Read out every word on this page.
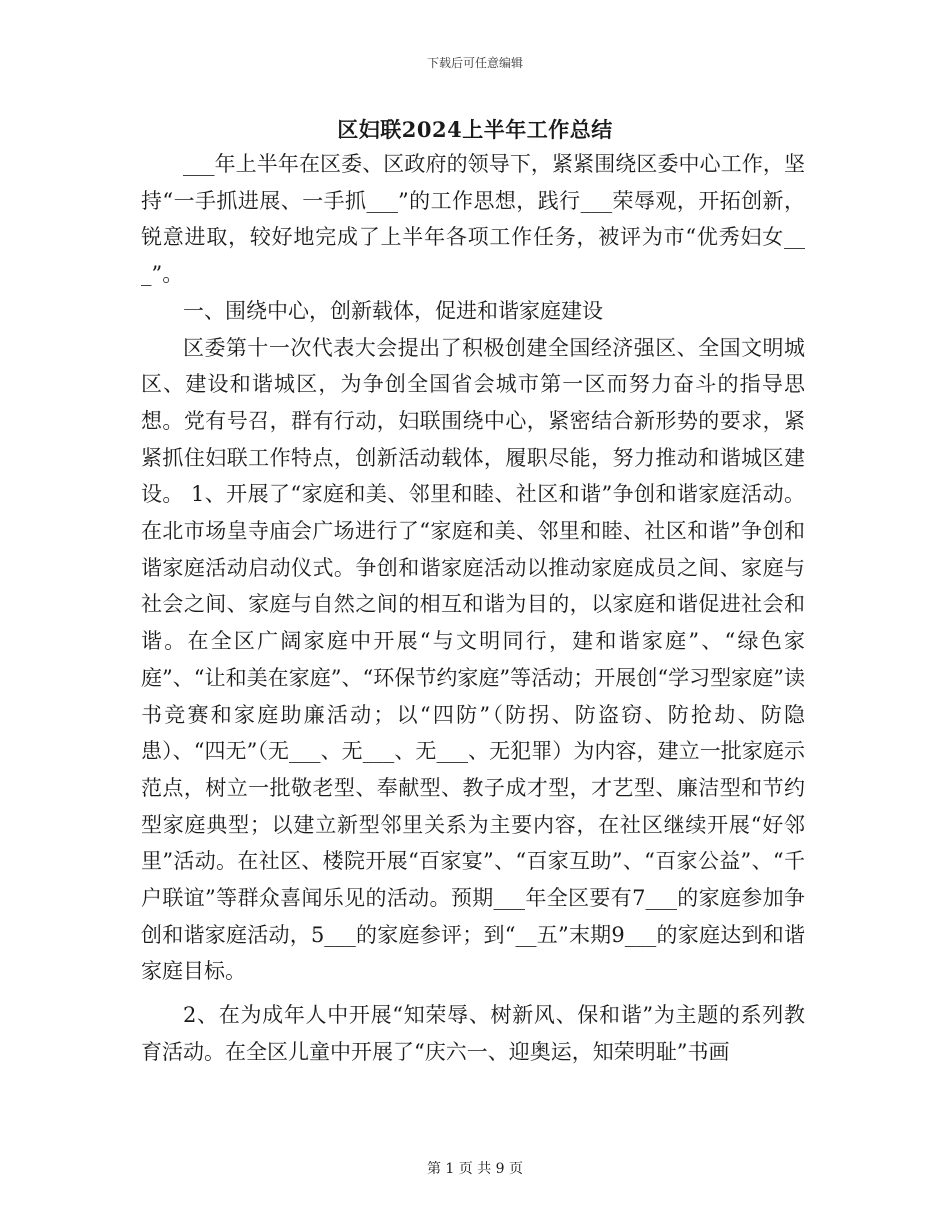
下载后可任意编辑
区妇联2024上半年工作总结

___年上半年在区委、区政府的领导下，紧紧围绕区委中心工作，坚持“一手抓进展、一手抓___”的工作思想，践行___荣辱观，开拓创新，锐意进取，较好地完成了上半年各项工作任务，被评为市“优秀妇女___”。

一、围绕中心，创新载体，促进和谐家庭建设

区委第十一次代表大会提出了积极创建全国经济强区、全国文明城区、建设和谐城区，为争创全国省会城市第一区而努力奋斗的指导思想。党有号召，群有行动，妇联围绕中心，紧密结合新形势的要求，紧紧抓住妇联工作特点，创新活动载体，履职尽能，努力推动和谐城区建设。 1、开展了“家庭和美、邻里和睦、社区和谐”争创和谐家庭活动。在北市场皇寺庙会广场进行了“家庭和美、邻里和睦、社区和谐”争创和谐家庭活动启动仪式。争创和谐家庭活动以推动家庭成员之间、家庭与社会之间、家庭与自然之间的相互和谐为目的，以家庭和谐促进社会和谐。在全区广阔家庭中开展“与文明同行，建和谐家庭”、“绿色家庭”、“让和美在家庭”、“环保节约家庭”等活动；开展创“学习型家庭”读书竞赛和家庭助廉活动；以“四防”（防拐、防盗窃、防抢劫、防隐患）、“四无”（无___、无___、无___、无犯罪）为内容，建立一批家庭示范点，树立一批敬老型、奉献型、教子成才型，才艺型、廉洁型和节约型家庭典型；以建立新型邻里关系为主要内容，在社区继续开展“好邻里”活动。在社区、楼院开展“百家宴”、“百家互助”、“百家公益”、“千户联谊”等群众喜闻乐见的活动。预期___年全区要有7___的家庭参加争创和谐家庭活动，5___的家庭参评；到“__五”末期9___的家庭达到和谐家庭目标。

2、在为成年人中开展“知荣辱、树新风、保和谐”为主题的系列教育活动。在全区儿童中开展了“庆六一、迎奥运，知荣明耻”书画

第 1 页 共 9 页
